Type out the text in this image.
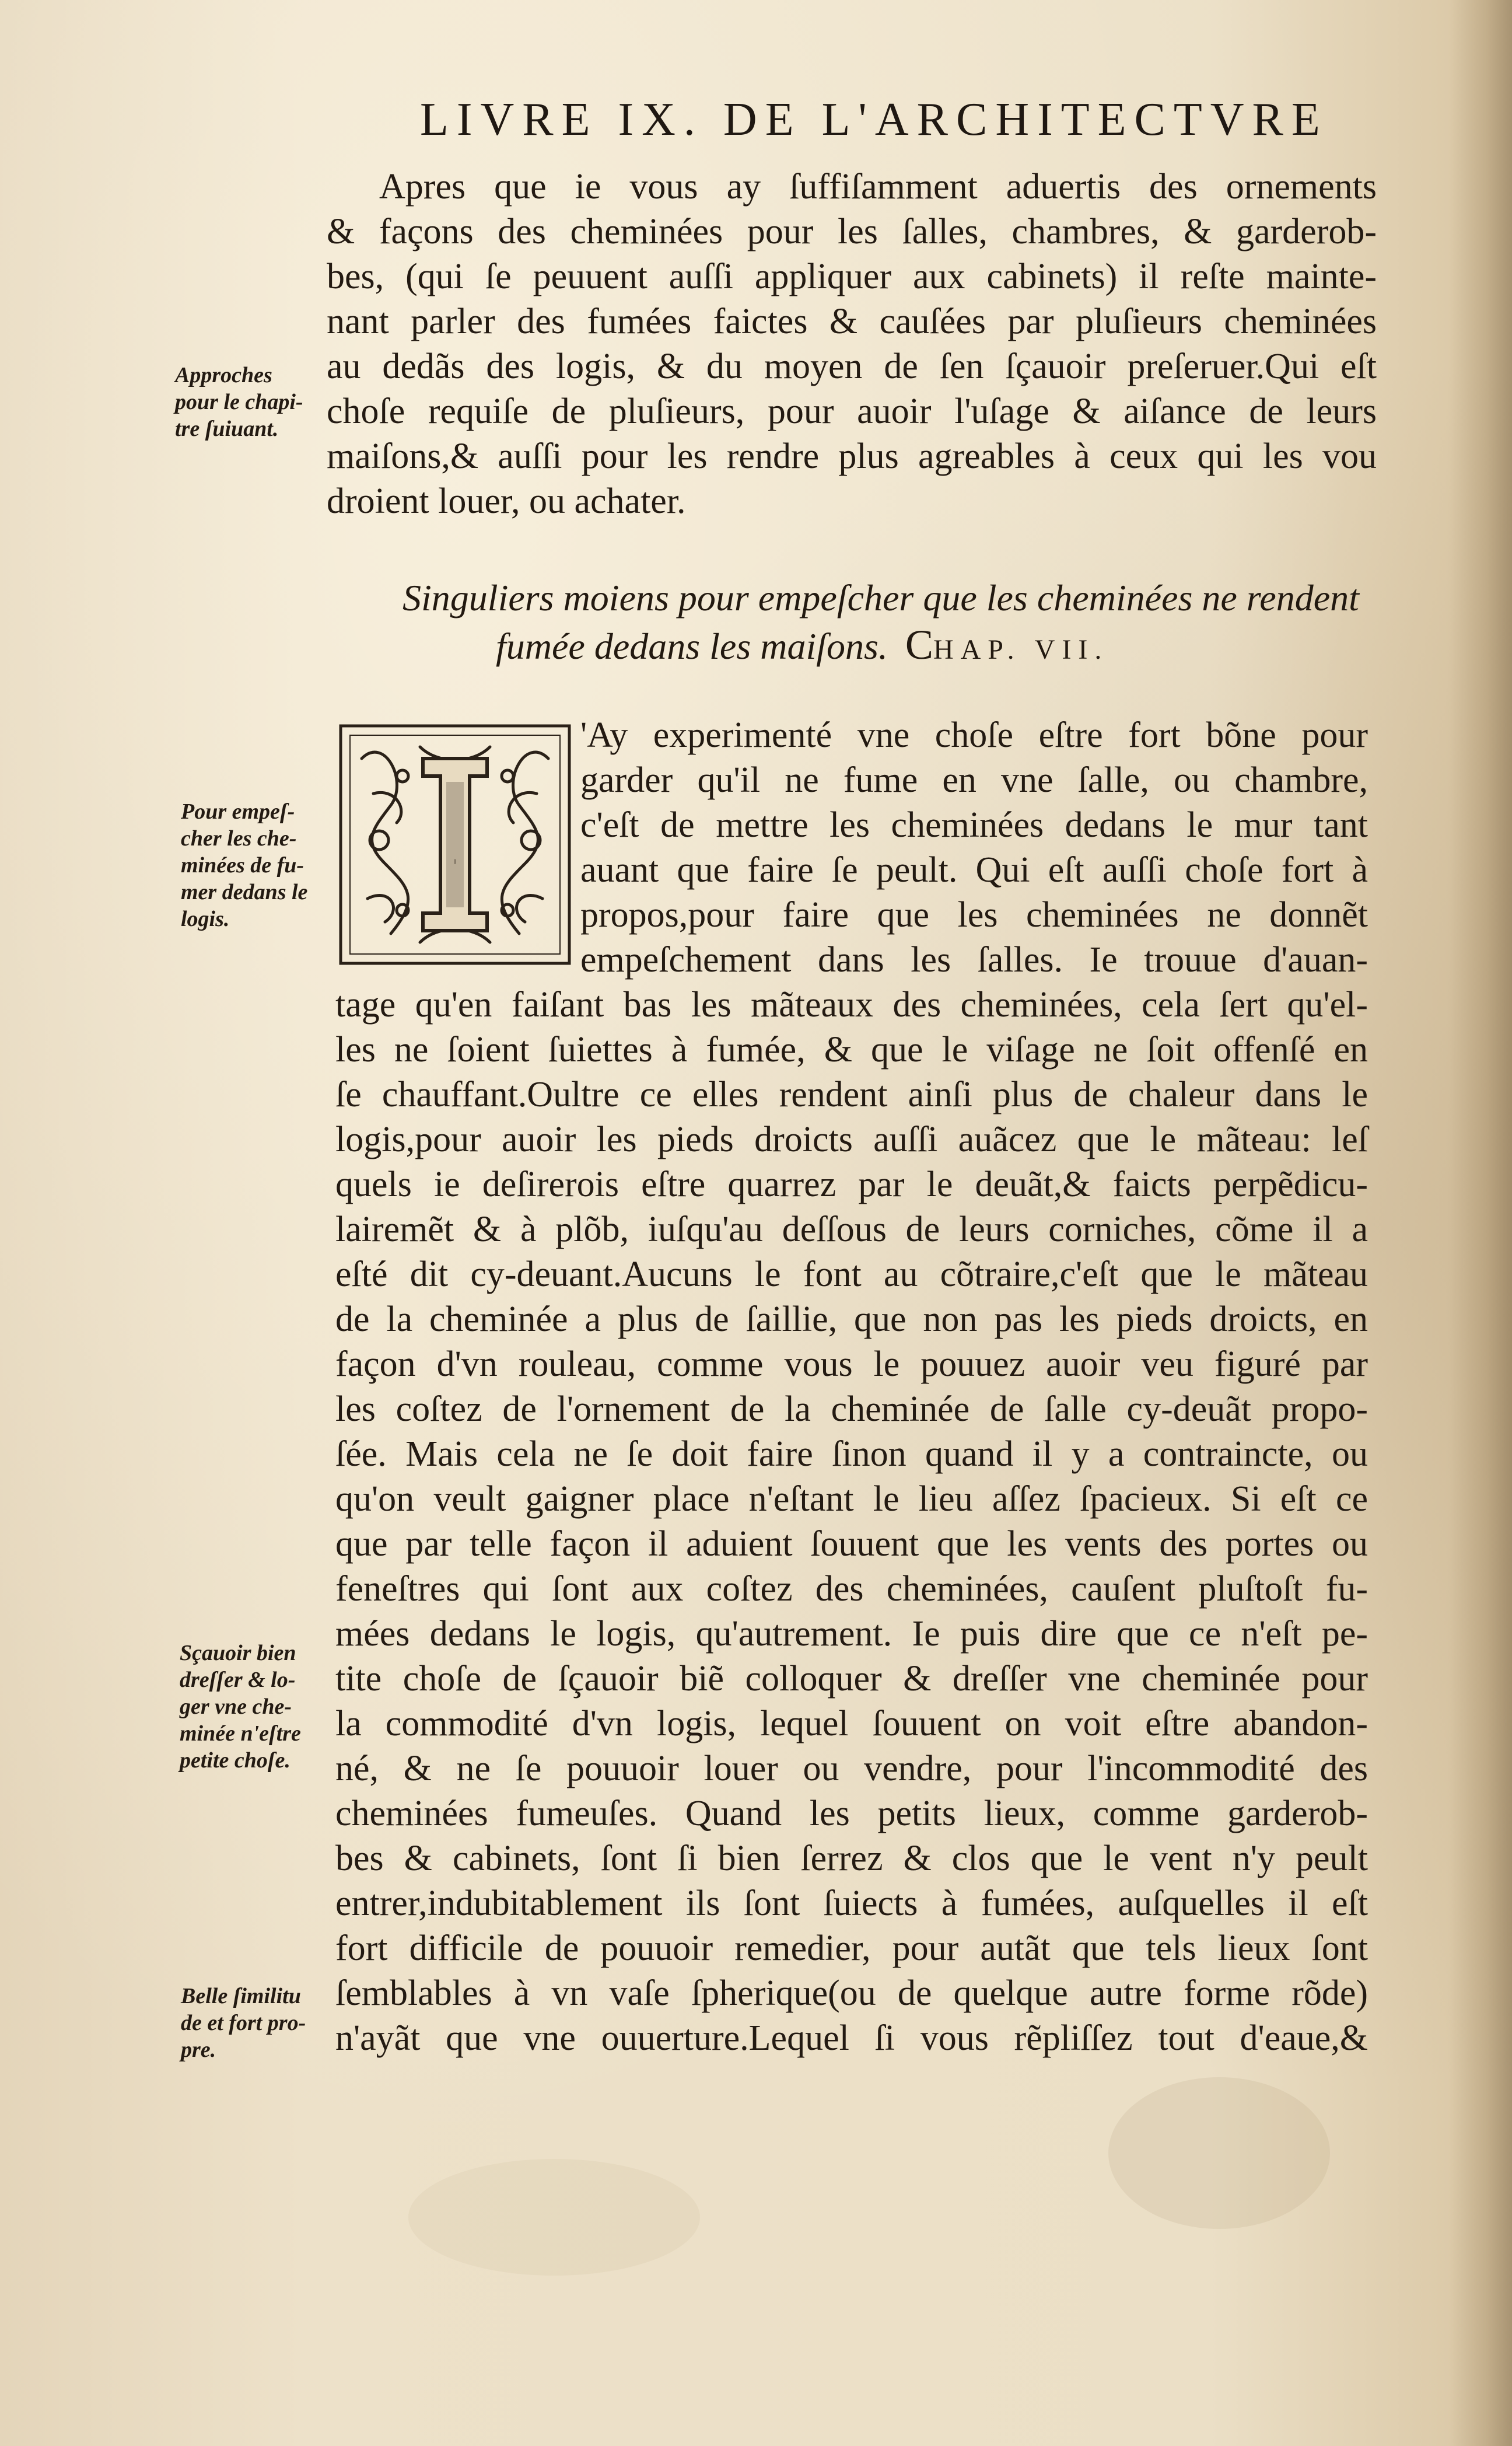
LIVRE IX. DE L'ARCHITECTVRE
Apres que ie vous ay ſuffiſamment aduertis des ornements
& façons des cheminées pour les ſalles, chambres, & garderob-
bes, (qui ſe peuuent auſſi appliquer aux cabinets) il reſte mainte-
nant parler des fumées faictes & cauſées par pluſieurs cheminées
au dedãs des logis, & du moyen de ſen ſçauoir preſeruer.Qui eſt
choſe requiſe de pluſieurs, pour auoir l'uſage & aiſance de leurs
maiſons,& auſſi pour les rendre plus agreables à ceux qui les vou
droient louer, ou achater.
Singuliers moiens pour empeſcher que les cheminées ne rendent
fumée dedans les maiſons. CHAP. VII.
I
'Ay experimenté vne choſe eſtre fort bõne pour
garder qu'il ne fume en vne ſalle, ou chambre,
c'eſt de mettre les cheminées dedans le mur tant
auant que faire ſe peult. Qui eſt auſſi choſe fort à
propos,pour faire que les cheminées ne donnẽt
empeſchement dans les ſalles. Ie trouue d'auan-
tage qu'en faiſant bas les mãteaux des cheminées, cela ſert qu'el-
les ne ſoient ſuiettes à fumée, & que le viſage ne ſoit offenſé en
ſe chauffant.Oultre ce elles rendent ainſi plus de chaleur dans le
logis,pour auoir les pieds droicts auſſi auãcez que le mãteau: leſ
quels ie deſirerois eſtre quarrez par le deuãt,& faicts perpẽdicu-
lairemẽt & à plõb, iuſqu'au deſſous de leurs corniches, cõme il a
eſté dit cy-deuant.Aucuns le font au cõtraire,c'eſt que le mãteau
de la cheminée a plus de ſaillie, que non pas les pieds droicts, en
façon d'vn rouleau, comme vous le pouuez auoir veu figuré par
les coſtez de l'ornement de la cheminée de ſalle cy-deuãt propo-
ſée. Mais cela ne ſe doit faire ſinon quand il y a contraincte, ou
qu'on veult gaigner place n'eſtant le lieu aſſez ſpacieux. Si eſt ce
que par telle façon il aduient ſouuent que les vents des portes ou
feneſtres qui ſont aux coſtez des cheminées, cauſent pluſtoſt fu-
mées dedans le logis, qu'autrement. Ie puis dire que ce n'eſt pe-
tite choſe de ſçauoir biẽ colloquer & dreſſer vne cheminée pour
la commodité d'vn logis, lequel ſouuent on voit eſtre abandon-
né, & ne ſe pouuoir louer ou vendre, pour l'incommodité des
cheminées fumeuſes. Quand les petits lieux, comme garderob-
bes & cabinets, ſont ſi bien ſerrez & clos que le vent n'y peult
entrer,indubitablement ils ſont ſuiects à fumées, auſquelles il eſt
fort difficile de pouuoir remedier, pour autãt que tels lieux ſont
ſemblables à vn vaſe ſpherique(ou de quelque autre forme rõde)
n'ayãt que vne ouuerture.Lequel ſi vous rẽpliſſez tout d'eaue,&
Approches
pour le chapi-
tre ſuiuant.
Pour empeſ-
cher les che-
minées de fu-
mer dedans le
logis.
Sçauoir bien
dreſſer & lo-
ger vne che-
minée n'eſtre
petite choſe.
Belle ſimilitu
de et fort pro-
pre.
